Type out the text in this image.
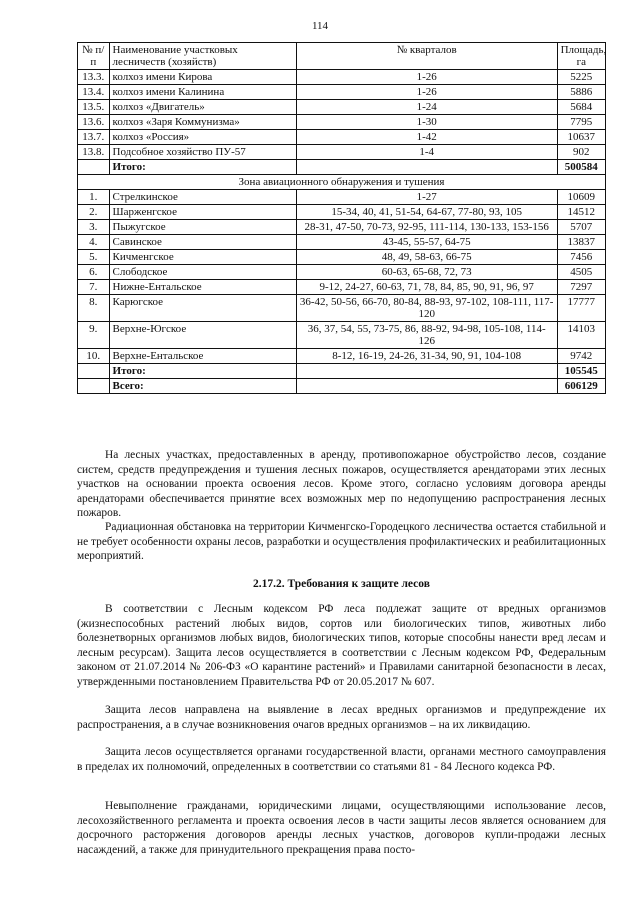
114
№ п/п	Наименование участковых лесничеств (хозяйств)	№ кварталов	Площадь, га
13.3.	колхоз имени Кирова	1-26	5225
13.4.	колхоз имени Калинина	1-26	5886
13.5.	колхоз «Двигатель»	1-24	5684
13.6.	колхоз «Заря Коммунизма»	1-30	7795
13.7.	колхоз «Россия»	1-42	10637
13.8.	Подсобное хозяйство ПУ-57	1-4	902
	Итого:		500584
Зона авиационного обнаружения и тушения			
1.	Стрелкинское	1-27	10609
2.	Шарженгское	15-34, 40, 41, 51-54, 64-67, 77-80, 93, 105	14512
3.	Пыжугское	28-31, 47-50, 70-73, 92-95, 111-114, 130-133, 153-156	5707
4.	Савинское	43-45, 55-57, 64-75	13837
5.	Кичменгское	48, 49, 58-63, 66-75	7456
6.	Слободское	60-63, 65-68, 72, 73	4505
7.	Нижне-Ентальское	9-12, 24-27, 60-63, 71, 78, 84, 85, 90, 91, 96, 97	7297
8.	Карюгское	36-42, 50-56, 66-70, 80-84, 88-93, 97-102, 108-111, 117-120	17777
9.	Верхне-Югское	36, 37, 54, 55, 73-75, 86, 88-92, 94-98, 105-108, 114-126	14103
10.	Верхне-Ентальское	8-12, 16-19, 24-26, 31-34, 90, 91, 104-108	9742
	Итого:		105545
	Всего:		606129
На лесных участках, предоставленных в аренду, противопожарное обустройство лесов, создание систем, средств предупреждения и тушения лесных пожаров, осуществляется арендаторами этих лесных участков на основании проекта освоения лесов. Кроме этого, согласно условиям договора аренды арендаторами обеспечивается принятие всех возможных мер по недопущению распространения лесных пожаров.
Радиационная обстановка на территории Кичменгско-Городецкого лесничества остается стабильной и не требует особенности охраны лесов, разработки и осуществления профилактических и реабилитационных мероприятий.
2.17.2. Требования к защите лесов
В соответствии с Лесным кодексом РФ леса подлежат защите от вредных организмов (жизнеспособных растений любых видов, сортов или биологических типов, животных либо болезнетворных организмов любых видов, биологических типов, которые способны нанести вред лесам и лесным ресурсам). Защита лесов осуществляется в соответствии с Лесным кодексом РФ, Федеральным законом от 21.07.2014 № 206-ФЗ «О карантине растений» и Правилами санитарной безопасности в лесах, утвержденными постановлением Правительства РФ от 20.05.2017 № 607.
Защита лесов направлена на выявление в лесах вредных организмов и предупреждение их распространения, а в случае возникновения очагов вредных организмов – на их ликвидацию.
Защита лесов осуществляется органами государственной власти, органами местного самоуправления в пределах их полномочий, определенных в соответствии со статьями 81 - 84 Лесного кодекса РФ.
Невыполнение гражданами, юридическими лицами, осуществляющими использование лесов, лесохозяйственного регламента и проекта освоения лесов в части защиты лесов является основанием для досрочного расторжения договоров аренды лесных участков, договоров купли-продажи лесных насаждений, а также для принудительного прекращения права посто-
